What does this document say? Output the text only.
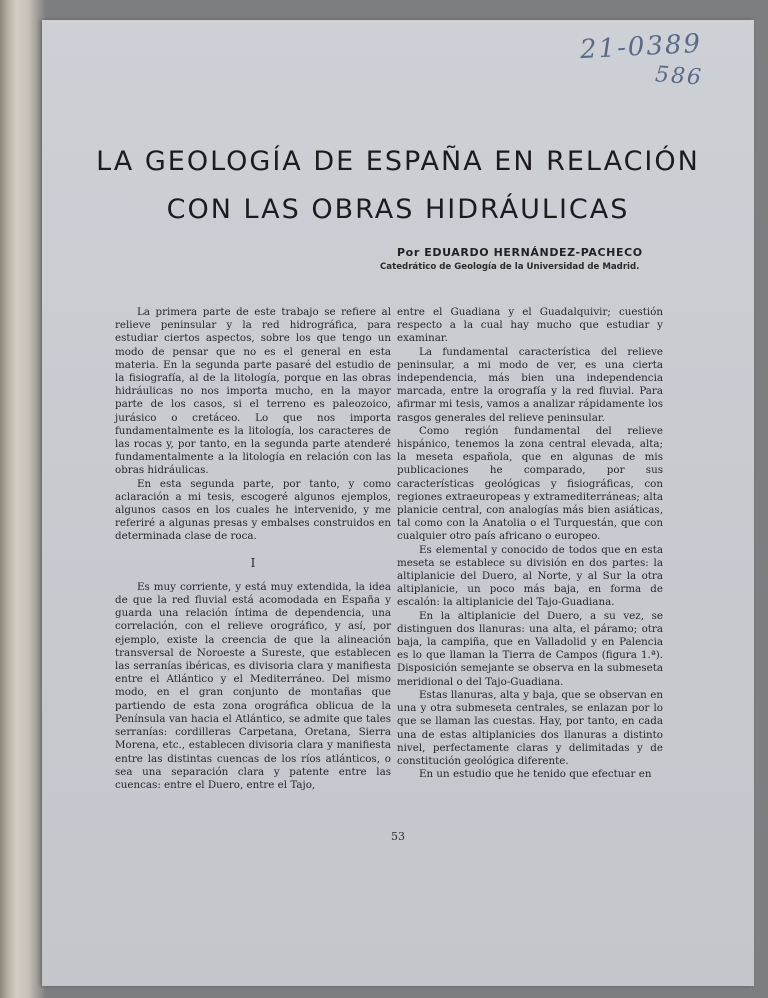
21-0389
586
LA GEOLOGÍA DE ESPAÑA EN RELACIÓN
CON LAS OBRAS HIDRÁULICAS
Por EDUARDO HERNÁNDEZ-PACHECO
Catedrático de Geología de la Universidad de Madrid.

La primera parte de este trabajo se refiere al relieve peninsular y la red hidrográfica, para estudiar ciertos aspectos, sobre los que tengo un modo de pensar que no es el general en esta materia. En la segunda parte pasaré del estudio de la fisiografía, al de la litología, porque en las obras hidráulicas no nos importa mucho, en la mayor parte de los casos, si el terreno es paleozoico, jurásico o cretáceo. Lo que nos importa fundamentalmente es la litología, los caracteres de las rocas y, por tanto, en la segunda parte atenderé fundamentalmente a la litología en relación con las obras hidráulicas.

En esta segunda parte, por tanto, y como aclaración a mi tesis, escogeré algunos ejemplos, algunos casos en los cuales he intervenido, y me referiré a algunas presas y embalses construidos en determinada clase de roca.

I

Es muy corriente, y está muy extendida, la idea de que la red fluvial está acomodada en España y guarda una relación íntima de dependencia, una correlación, con el relieve orográfico, y así, por ejemplo, existe la creencia de que la alineación transversal de Noroeste a Sureste, que establecen las serranías ibéricas, es divisoria clara y manifiesta entre el Atlántico y el Mediterráneo. Del mismo modo, en el gran conjunto de montañas que partiendo de esta zona orográfica oblicua de la Península van hacia el Atlántico, se admite que tales serranías: cordilleras Carpetana, Oretana, Sierra Morena, etc., establecen divisoria clara y manifiesta entre las distintas cuencas de los ríos atlánticos, o sea una separación clara y patente entre las cuencas: entre el Duero, entre el Tajo,

entre el Guadiana y el Guadalquivir; cuestión respecto a la cual hay mucho que estudiar y examinar.

La fundamental característica del relieve peninsular, a mi modo de ver, es una cierta independencia, más bien una independencia marcada, entre la orografía y la red fluvial. Para afirmar mi tesis, vamos a analizar rápidamente los rasgos generales del relieve peninsular.

Como región fundamental del relieve hispánico, tenemos la zona central elevada, alta; la meseta española, que en algunas de mis publicaciones he comparado, por sus características geológicas y fisiográficas, con regiones extraeuropeas y extramediterráneas; alta planicie central, con analogías más bien asiáticas, tal como con la Anatolia o el Turquestán, que con cualquier otro país africano o europeo.

Es elemental y conocido de todos que en esta meseta se establece su división en dos partes: la altiplanicie del Duero, al Norte, y al Sur la otra altiplanicie, un poco más baja, en forma de escalón: la altiplanicie del Tajo-Guadiana.

En la altiplanicie del Duero, a su vez, se distinguen dos llanuras: una alta, el páramo; otra baja, la campiña, que en Valladolid y en Palencia es lo que llaman la Tierra de Campos (figura 1.ª). Disposición semejante se observa en la submeseta meridional o del Tajo-Guadiana.

Estas llanuras, alta y baja, que se observan en una y otra submeseta centrales, se enlazan por lo que se llaman las cuestas. Hay, por tanto, en cada una de estas altiplanicies dos llanuras a distinto nivel, perfectamente claras y delimitadas y de constitución geológica diferente.

En un estudio que he tenido que efectuar en

53
